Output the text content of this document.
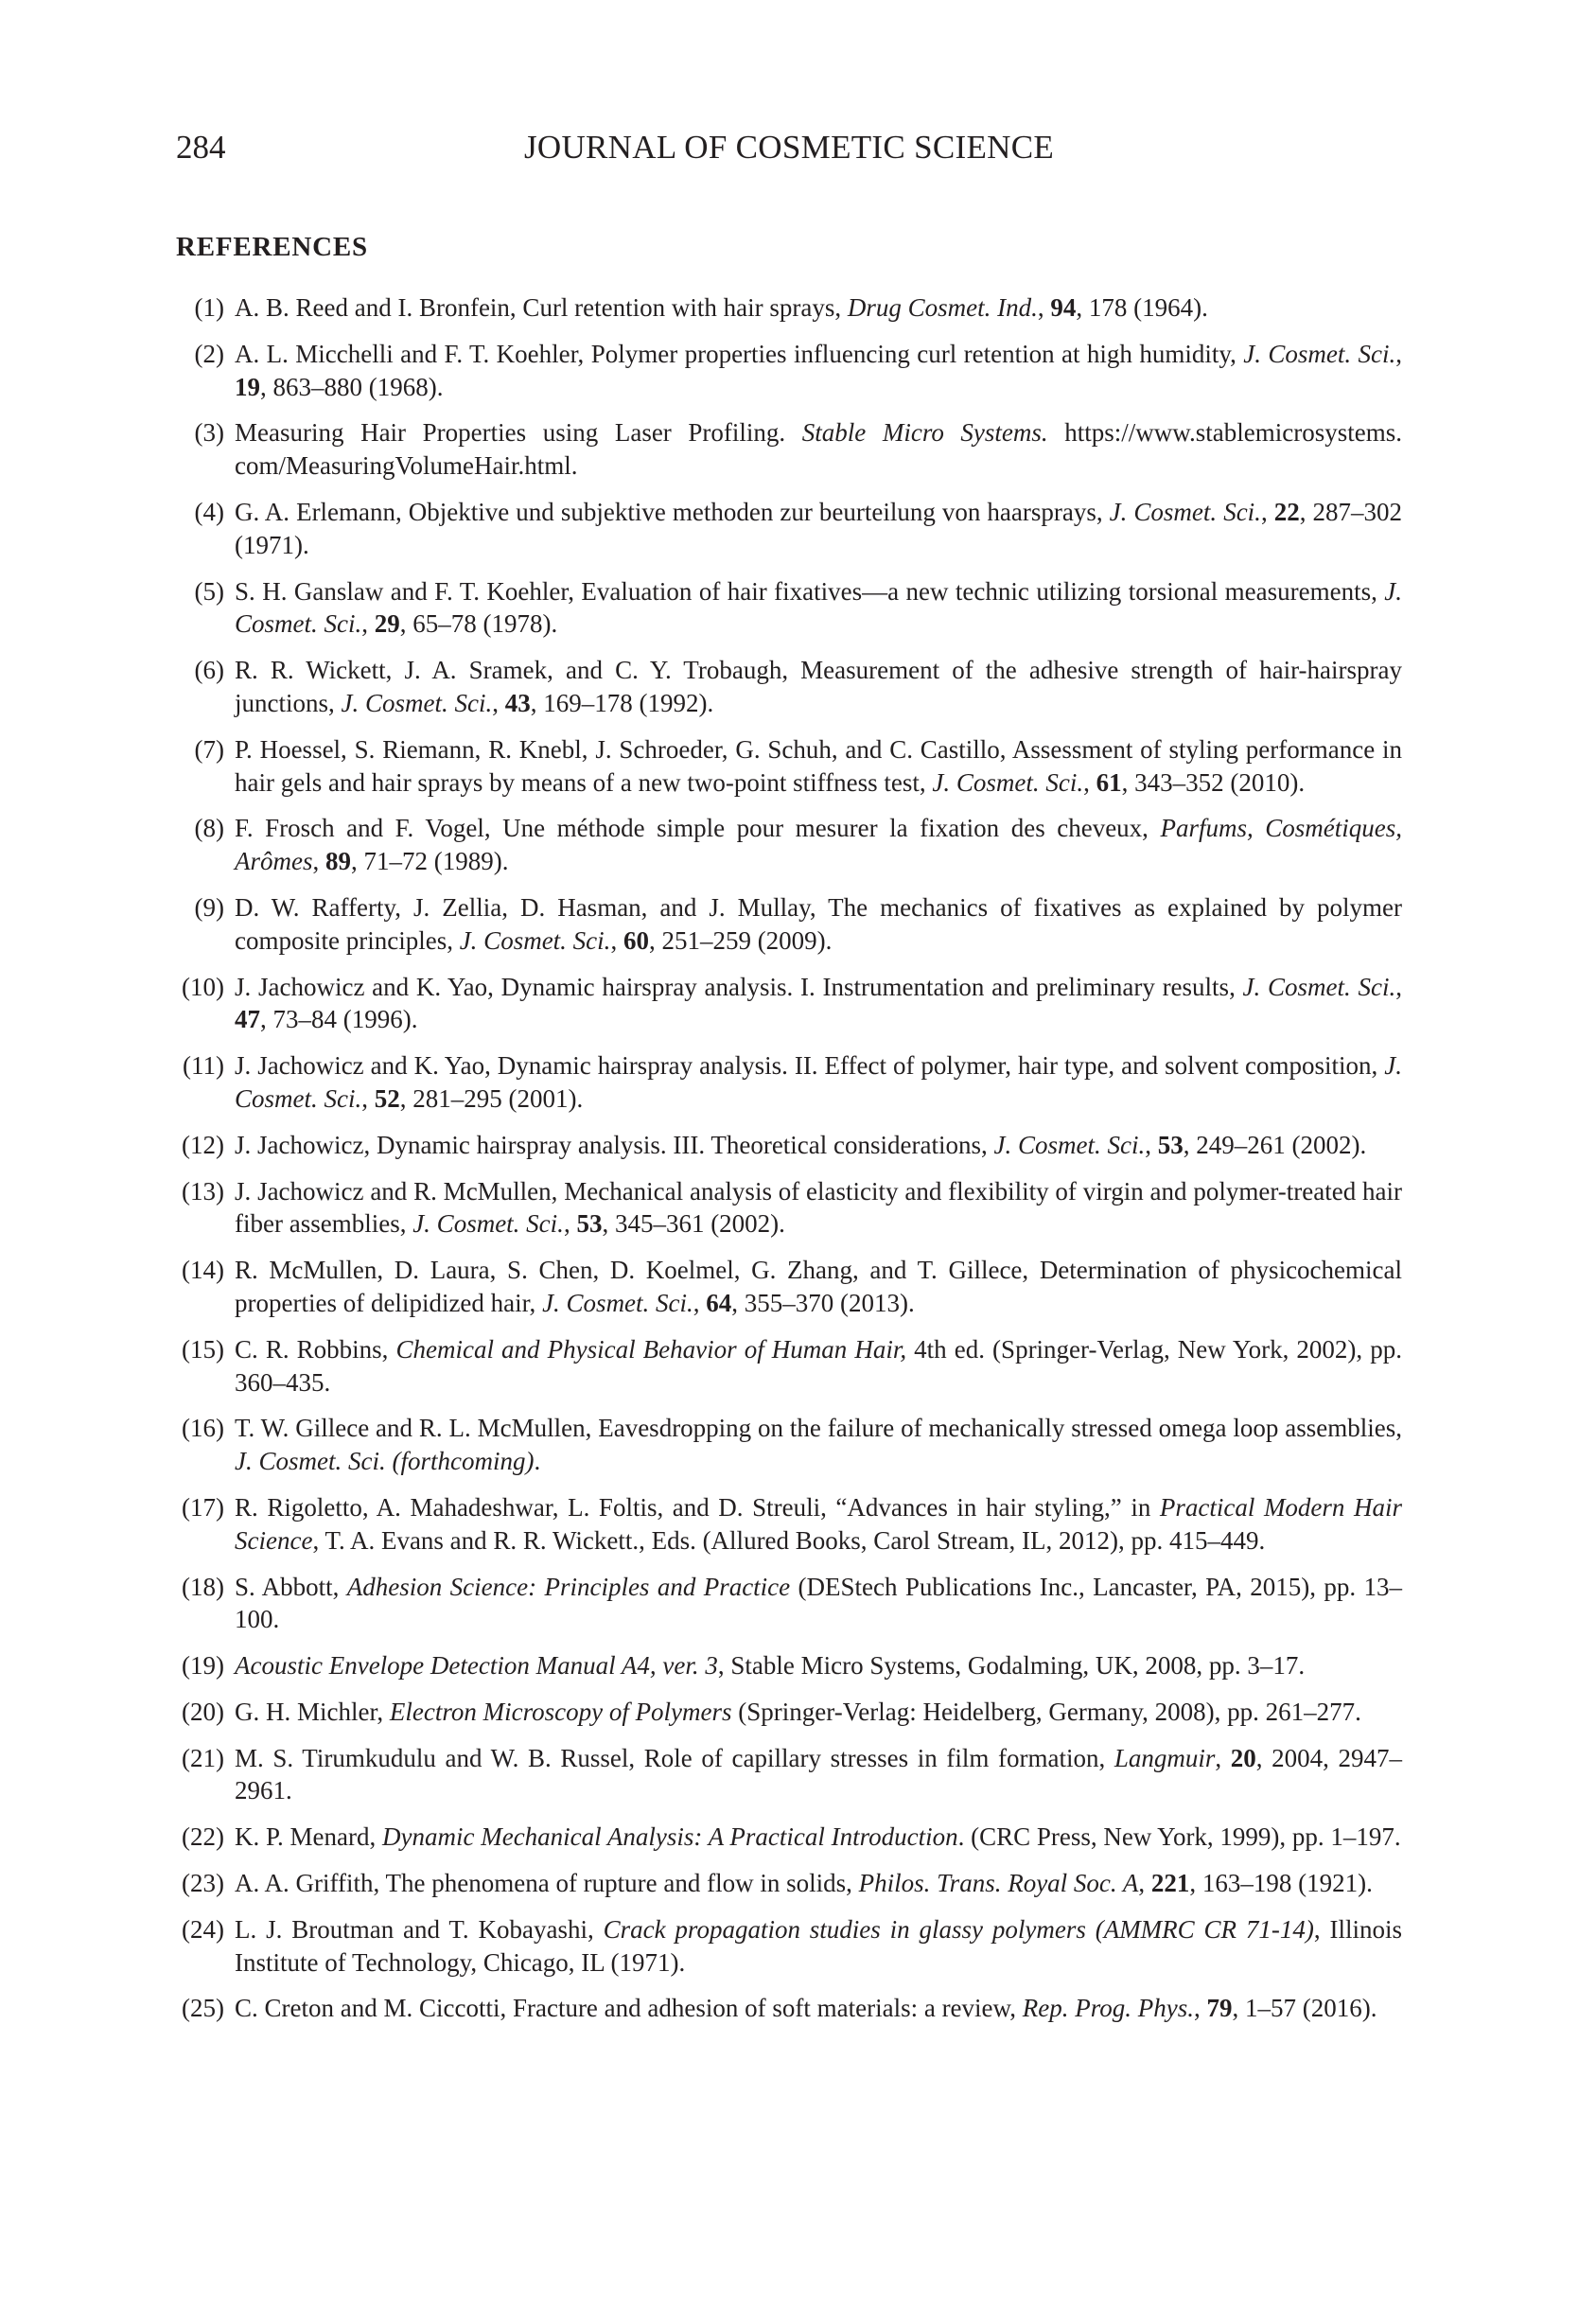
284	JOURNAL OF COSMETIC SCIENCE
REFERENCES
(1) A. B. Reed and I. Bronfein, Curl retention with hair sprays, Drug Cosmet. Ind., 94, 178 (1964).
(2) A. L. Micchelli and F. T. Koehler, Polymer properties influencing curl retention at high humidity, J. Cosmet. Sci., 19, 863–880 (1968).
(3) Measuring Hair Properties using Laser Profiling. Stable Micro Systems. https://www.stablemicrosystems.com/MeasuringVolumeHair.html.
(4) G. A. Erlemann, Objektive und subjektive methoden zur beurteilung von haarsprays, J. Cosmet. Sci., 22, 287–302 (1971).
(5) S. H. Ganslaw and F. T. Koehler, Evaluation of hair fixatives—a new technic utilizing torsional measurements, J. Cosmet. Sci., 29, 65–78 (1978).
(6) R. R. Wickett, J. A. Sramek, and C. Y. Trobaugh, Measurement of the adhesive strength of hair-hairspray junctions, J. Cosmet. Sci., 43, 169–178 (1992).
(7) P. Hoessel, S. Riemann, R. Knebl, J. Schroeder, G. Schuh, and C. Castillo, Assessment of styling performance in hair gels and hair sprays by means of a new two-point stiffness test, J. Cosmet. Sci., 61, 343–352 (2010).
(8) F. Frosch and F. Vogel, Une méthode simple pour mesurer la fixation des cheveux, Parfums, Cosmétiques, Arômes, 89, 71–72 (1989).
(9) D. W. Rafferty, J. Zellia, D. Hasman, and J. Mullay, The mechanics of fixatives as explained by polymer composite principles, J. Cosmet. Sci., 60, 251–259 (2009).
(10) J. Jachowicz and K. Yao, Dynamic hairspray analysis. I. Instrumentation and preliminary results, J. Cosmet. Sci., 47, 73–84 (1996).
(11) J. Jachowicz and K. Yao, Dynamic hairspray analysis. II. Effect of polymer, hair type, and solvent composition, J. Cosmet. Sci., 52, 281–295 (2001).
(12) J. Jachowicz, Dynamic hairspray analysis. III. Theoretical considerations, J. Cosmet. Sci., 53, 249–261 (2002).
(13) J. Jachowicz and R. McMullen, Mechanical analysis of elasticity and flexibility of virgin and polymer-treated hair fiber assemblies, J. Cosmet. Sci., 53, 345–361 (2002).
(14) R. McMullen, D. Laura, S. Chen, D. Koelmel, G. Zhang, and T. Gillece, Determination of physicochemical properties of delipidized hair, J. Cosmet. Sci., 64, 355–370 (2013).
(15) C. R. Robbins, Chemical and Physical Behavior of Human Hair, 4th ed. (Springer-Verlag, New York, 2002), pp. 360–435.
(16) T. W. Gillece and R. L. McMullen, Eavesdropping on the failure of mechanically stressed omega loop assemblies, J. Cosmet. Sci. (forthcoming).
(17) R. Rigoletto, A. Mahadeshwar, L. Foltis, and D. Streuli, “Advances in hair styling,” in Practical Modern Hair Science, T. A. Evans and R. R. Wickett., Eds. (Allured Books, Carol Stream, IL, 2012), pp. 415–449.
(18) S. Abbott, Adhesion Science: Principles and Practice (DEStech Publications Inc., Lancaster, PA, 2015), pp. 13–100.
(19) Acoustic Envelope Detection Manual A4, ver. 3, Stable Micro Systems, Godalming, UK, 2008, pp. 3–17.
(20) G. H. Michler, Electron Microscopy of Polymers (Springer-Verlag: Heidelberg, Germany, 2008), pp. 261–277.
(21) M. S. Tirumkudulu and W. B. Russel, Role of capillary stresses in film formation, Langmuir, 20, 2004, 2947–2961.
(22) K. P. Menard, Dynamic Mechanical Analysis: A Practical Introduction. (CRC Press, New York, 1999), pp. 1–197.
(23) A. A. Griffith, The phenomena of rupture and flow in solids, Philos. Trans. Royal Soc. A, 221, 163–198 (1921).
(24) L. J. Broutman and T. Kobayashi, Crack propagation studies in glassy polymers (AMMRC CR 71-14), Illinois Institute of Technology, Chicago, IL (1971).
(25) C. Creton and M. Ciccotti, Fracture and adhesion of soft materials: a review, Rep. Prog. Phys., 79, 1–57 (2016).
